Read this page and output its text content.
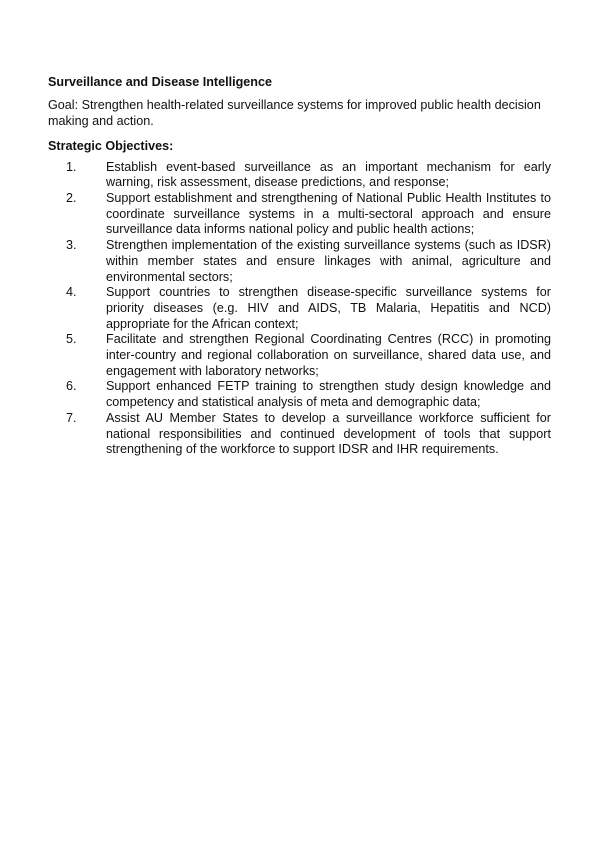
Surveillance and Disease Intelligence
Goal: Strengthen health-related surveillance systems for improved public health decision making and action.
Strategic Objectives:
1.	Establish event-based surveillance as an important mechanism for early warning, risk assessment, disease predictions, and response;
2.	Support establishment and strengthening of National Public Health Institutes to coordinate surveillance systems in a multi-sectoral approach and ensure surveillance data informs national policy and public health actions;
3.	Strengthen implementation of the existing surveillance systems (such as IDSR) within member states and ensure linkages with animal, agriculture and environmental sectors;
4.	Support countries to strengthen disease-specific surveillance systems for priority diseases (e.g. HIV and AIDS, TB Malaria, Hepatitis and NCD) appropriate for the African context;
5.	Facilitate and strengthen Regional Coordinating Centres (RCC) in promoting inter-country and regional collaboration on surveillance, shared data use, and engagement with laboratory networks;
6.	Support enhanced FETP training to strengthen study design knowledge and competency and statistical analysis of meta and demographic data;
7.	Assist AU Member States to develop a surveillance workforce sufficient for national responsibilities and continued development of tools that support strengthening of the workforce to support IDSR and IHR requirements.
